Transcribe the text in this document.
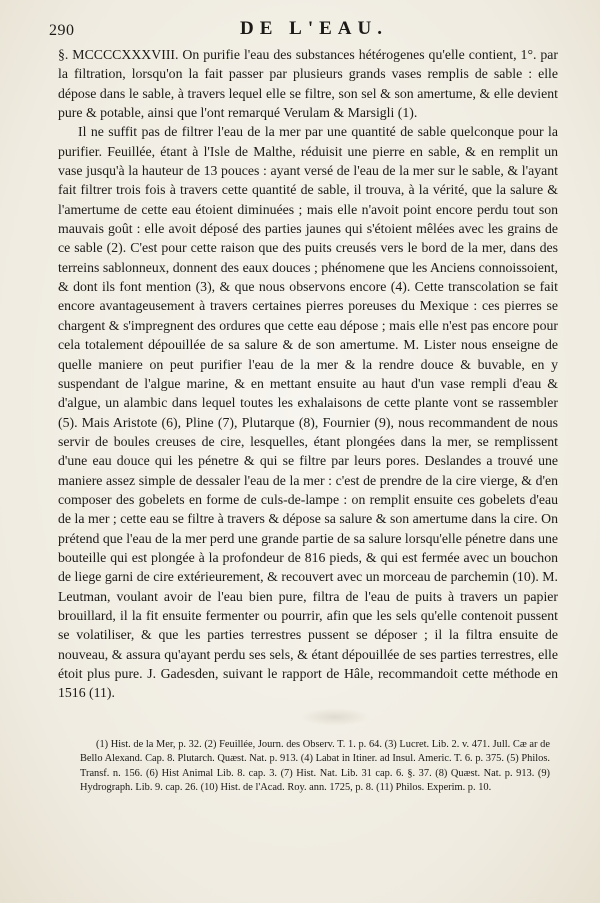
290	DE L'EAU.

§. MCCCCXXXVIII. On purifie l'eau des substances hétérogenes qu'elle contient, 1°. par la filtration, lorsqu'on la fait passer par plusieurs grands vases remplis de sable : elle dépose dans le sable, à travers lequel elle se filtre, son sel & son amertume, & elle devient pure & potable, ainsi que l'ont remarqué Verulam & Marsigli (1).

Il ne suffit pas de filtrer l'eau de la mer par une quantité de sable quelconque pour la purifier. Feuillée, étant à l'Isle de Malthe, réduisit une pierre en sable, & en remplit un vase jusqu'à la hauteur de 13 pouces : ayant versé de l'eau de la mer sur le sable, & l'ayant fait filtrer trois fois à travers cette quantité de sable, il trouva, à la vérité, que la salure & l'amertume de cette eau étoient diminuées ; mais elle n'avoit point encore perdu tout son mauvais goût : elle avoit déposé des parties jaunes qui s'étoient mêlées avec les grains de ce sable (2). C'est pour cette raison que des puits creusés vers le bord de la mer, dans des terreins sablonneux, donnent des eaux douces ; phénomene que les Anciens connoissoient, & dont ils font mention (3), & que nous observons encore (4). Cette transcolation se fait encore avantageusement à travers certaines pierres poreuses du Mexique : ces pierres se chargent & s'impregnent des ordures que cette eau dépose ; mais elle n'est pas encore pour cela totalement dépouillée de sa salure & de son amertume. M. Lister nous enseigne de quelle maniere on peut purifier l'eau de la mer & la rendre douce & buvable, en y suspendant de l'algue marine, & en mettant ensuite au haut d'un vase rempli d'eau & d'algue, un alambic dans lequel toutes les exhalaisons de cette plante vont se rassembler (5). Mais Aristote (6), Pline (7), Plutarque (8), Fournier (9), nous recommandent de nous servir de boules creuses de cire, lesquelles, étant plongées dans la mer, se remplissent d'une eau douce qui les pénetre & qui se filtre par leurs pores. Deslandes a trouvé une maniere assez simple de dessaler l'eau de la mer : c'est de prendre de la cire vierge, & d'en composer des gobelets en forme de culs-de-lampe : on remplit ensuite ces gobelets d'eau de la mer ; cette eau se filtre à travers & dépose sa salure & son amertume dans la cire. On prétend que l'eau de la mer perd une grande partie de sa salure lorsqu'elle pénetre dans une bouteille qui est plongée à la profondeur de 816 pieds, & qui est fermée avec un bouchon de liege garni de cire extérieurement, & recouvert avec un morceau de parchemin (10). M. Leutman, voulant avoir de l'eau bien pure, filtra de l'eau de puits à travers un papier brouillard, il la fit ensuite fermenter ou pourrir, afin que les sels qu'elle contenoit pussent se volatiliser, & que les parties terrestres pussent se déposer ; il la filtra ensuite de nouveau, & assura qu'ayant perdu ses sels, & étant dépouillée de ses parties terrestres, elle étoit plus pure. J. Gadesden, suivant le rapport de Hâle, recommandoit cette méthode en 1516 (11).

(1) Hist. de la Mer, p. 32. (2) Feuillée, Journ. des Observ. T. 1. p. 64. (3) Lucret. Lib. 2. v. 471. Jull. Cæ ar de Bello Alexand. Cap. 8. Plutarch. Quæst. Nat. p. 913. (4) Labat in Itiner. ad Insul. Americ. T. 6. p. 375. (5) Philos. Transf. n. 156. (6) Hist Animal Lib. 8. cap. 3. (7) Hist. Nat. Lib. 31 cap. 6. §. 37. (8) Quæst. Nat. p. 913. (9) Hydrograph. Lib. 9. cap. 26. (10) Hist. de l'Acad. Roy. ann. 1725, p. 8. (11) Philos. Experim. p. 10.
